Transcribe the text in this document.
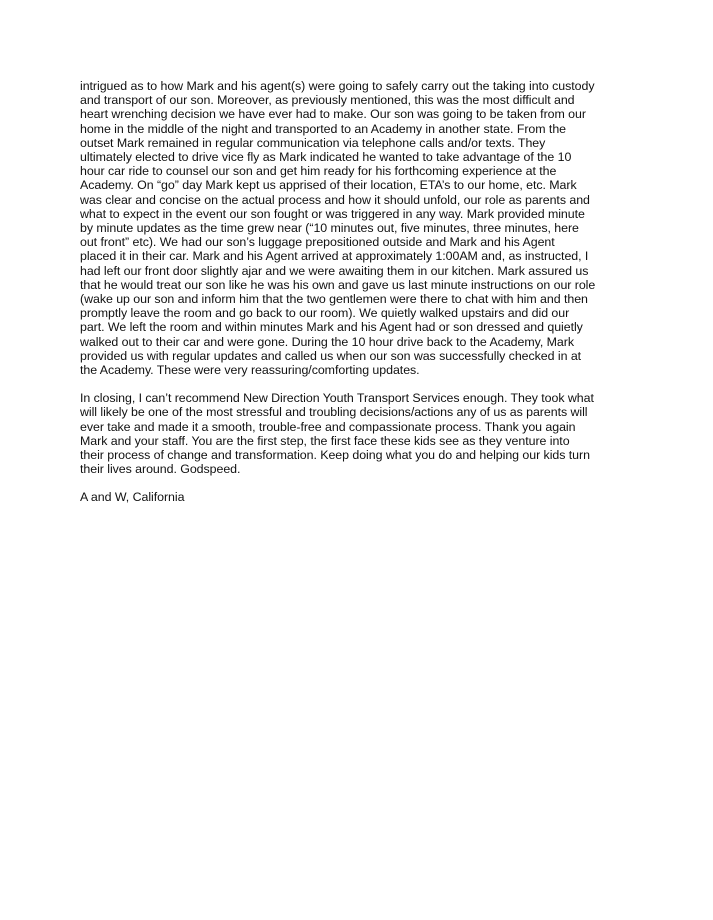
intrigued as to how Mark and his agent(s) were going to safely carry out the taking into custody
and transport of our son. Moreover, as previously mentioned, this was the most difficult and
heart wrenching decision we have ever had to make. Our son was going to be taken from our
home in the middle of the night and transported to an Academy in another state. From the
outset Mark remained in regular communication via telephone calls and/or texts. They
ultimately elected to drive vice fly as Mark indicated he wanted to take advantage of the 10
hour car ride to counsel our son and get him ready for his forthcoming experience at the
Academy. On “go” day Mark kept us apprised of their location, ETA’s to our home, etc. Mark
was clear and concise on the actual process and how it should unfold, our role as parents and
what to expect in the event our son fought or was triggered in any way. Mark provided minute
by minute updates as the time grew near (“10 minutes out, five minutes, three minutes, here
out front” etc). We had our son’s luggage prepositioned outside and Mark and his Agent
placed it in their car. Mark and his Agent arrived at approximately 1:00AM and, as instructed, I
had left our front door slightly ajar and we were awaiting them in our kitchen. Mark assured us
that he would treat our son like he was his own and gave us last minute instructions on our role
(wake up our son and inform him that the two gentlemen were there to chat with him and then
promptly leave the room and go back to our room). We quietly walked upstairs and did our
part. We left the room and within minutes Mark and his Agent had or son dressed and quietly
walked out to their car and were gone. During the 10 hour drive back to the Academy, Mark
provided us with regular updates and called us when our son was successfully checked in at
the Academy. These were very reassuring/comforting updates.
In closing, I can’t recommend New Direction Youth Transport Services enough. They took what
will likely be one of the most stressful and troubling decisions/actions any of us as parents will
ever take and made it a smooth, trouble-free and compassionate process. Thank you again
Mark and your staff. You are the first step, the first face these kids see as they venture into
their process of change and transformation. Keep doing what you do and helping our kids turn
their lives around. Godspeed.
A and W, California
